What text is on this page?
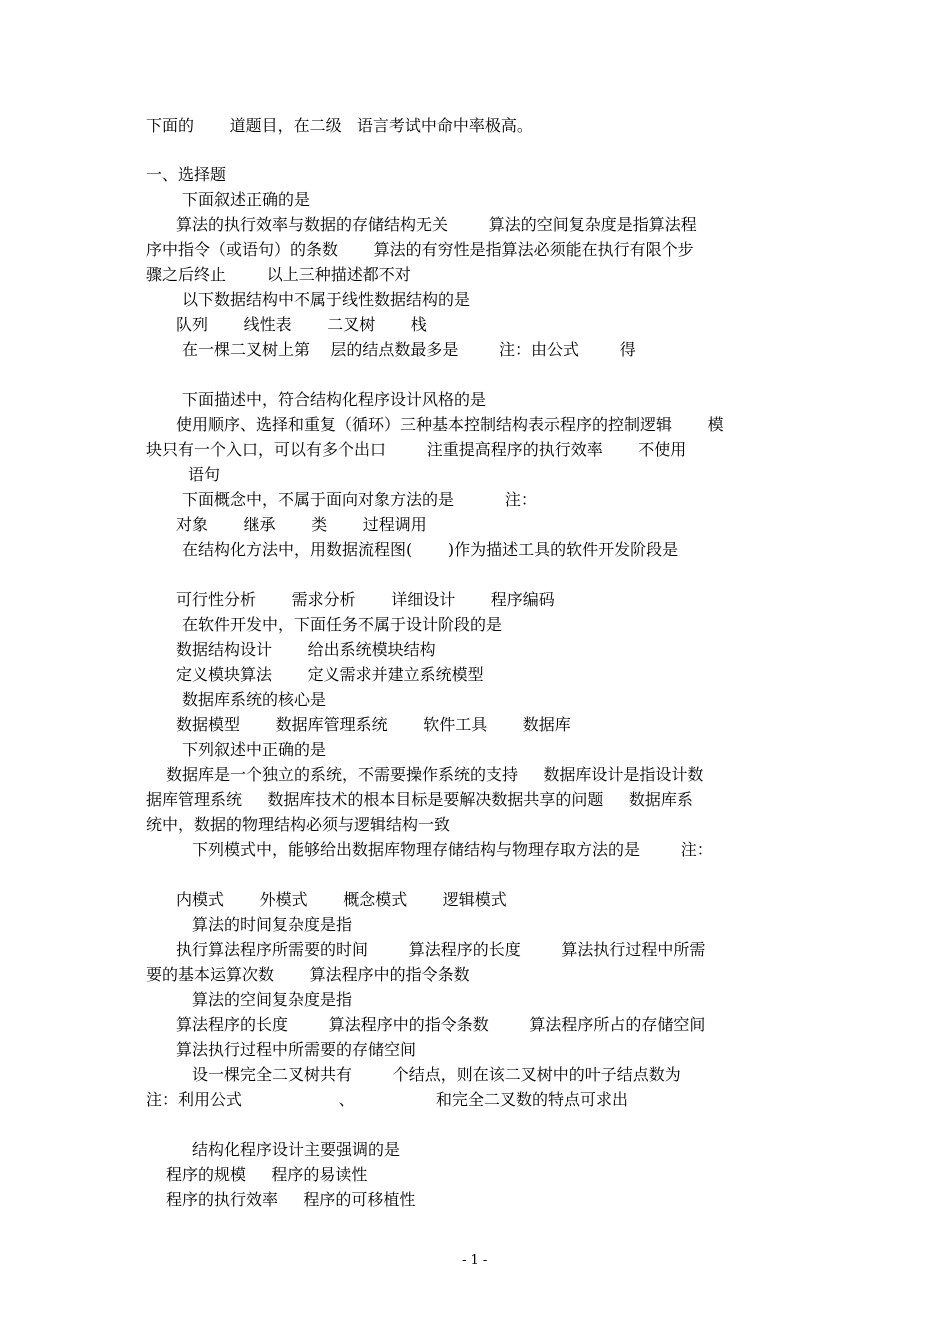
下面的       道题目，在二级   语言考试中命中率极高。
一、选择题
下面叙述正确的是
算法的执行效率与数据的存储结构无关        算法的空间复杂度是指算法程
序中指令（或语句）的条数       算法的有穷性是指算法必须能在执行有限个步
骤之后终止        以上三种描述都不对
以下数据结构中不属于线性数据结构的是
队列       线性表       二叉树       栈
在一棵二叉树上第    层的结点数最多是        注：由公式        得
下面描述中，符合结构化程序设计风格的是
使用顺序、选择和重复（循环）三种基本控制结构表示程序的控制逻辑       模
块只有一个入口，可以有多个出口        注重提高程序的执行效率       不使用
语句
下面概念中，不属于面向对象方法的是          注：
对象       继承       类       过程调用
在结构化方法中，用数据流程图(       )作为描述工具的软件开发阶段是
可行性分析       需求分析       详细设计       程序编码
在软件开发中，下面任务不属于设计阶段的是
数据结构设计       给出系统模块结构
定义模块算法       定义需求并建立系统模型
数据库系统的核心是
数据模型       数据库管理系统       软件工具       数据库
下列叙述中正确的是
数据库是一个独立的系统，不需要操作系统的支持     数据库设计是指设计数
据库管理系统     数据库技术的根本目标是要解决数据共享的问题     数据库系
统中，数据的物理结构必须与逻辑结构一致
下列模式中，能够给出数据库物理存储结构与物理存取方法的是        注：
内模式       外模式       概念模式       逻辑模式
算法的时间复杂度是指
执行算法程序所需要的时间        算法程序的长度        算法执行过程中所需
要的基本运算次数       算法程序中的指令条数
算法的空间复杂度是指
算法程序的长度        算法程序中的指令条数        算法程序所占的存储空间
算法执行过程中所需要的存储空间
设一棵完全二叉树共有        个结点，则在该二叉树中的叶子结点数为
注：利用公式                   、                和完全二叉数的特点可求出
结构化程序设计主要强调的是
程序的规模     程序的易读性
程序的执行效率     程序的可移植性
- 1 -
